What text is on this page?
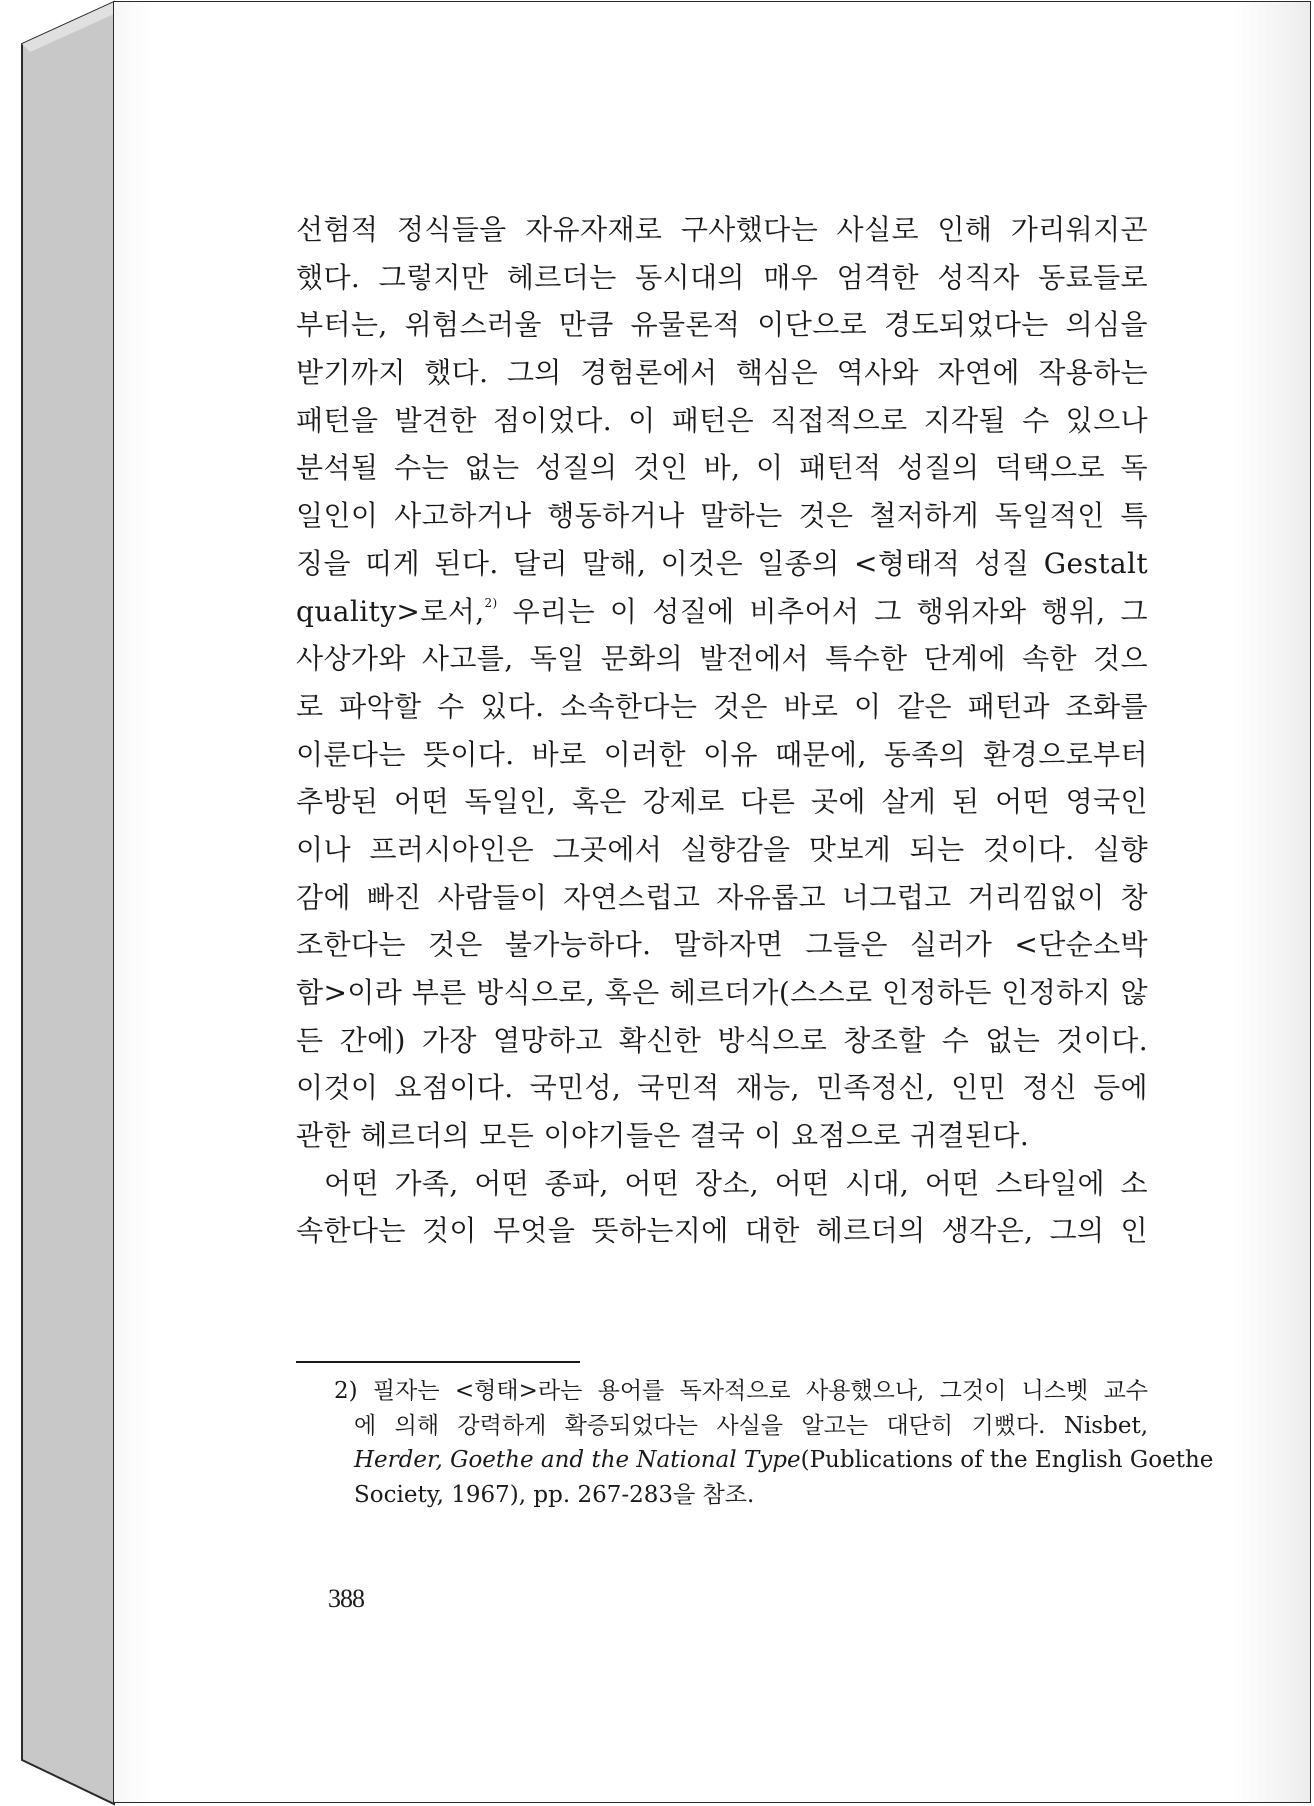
선험적 정식들을 자유자재로 구사했다는 사실로 인해 가리워지곤
했다. 그렇지만 헤르더는 동시대의 매우 엄격한 성직자 동료들로
부터는, 위험스러울 만큼 유물론적 이단으로 경도되었다는 의심을
받기까지 했다. 그의 경험론에서 핵심은 역사와 자연에 작용하는
패턴을 발견한 점이었다. 이 패턴은 직접적으로 지각될 수 있으나
분석될 수는 없는 성질의 것인 바, 이 패턴적 성질의 덕택으로 독
일인이 사고하거나 행동하거나 말하는 것은 철저하게 독일적인 특
징을 띠게 된다. 달리 말해, 이것은 일종의 <형태적 성질 Gestalt
quality>로서,$^{2)}$ 우리는 이 성질에 비추어서 그 행위자와 행위, 그
사상가와 사고를, 독일 문화의 발전에서 특수한 단계에 속한 것으
로 파악할 수 있다. 소속한다는 것은 바로 이 같은 패턴과 조화를
이룬다는 뜻이다. 바로 이러한 이유 때문에, 동족의 환경으로부터
추방된 어떤 독일인, 혹은 강제로 다른 곳에 살게 된 어떤 영국인
이나 프러시아인은 그곳에서 실향감을 맛보게 되는 것이다. 실향
감에 빠진 사람들이 자연스럽고 자유롭고 너그럽고 거리낌없이 창
조한다는 것은 불가능하다. 말하자면 그들은 실러가 <단순소박
함>이라 부른 방식으로, 혹은 헤르더가(스스로 인정하든 인정하지 않
든 간에) 가장 열망하고 확신한 방식으로 창조할 수 없는 것이다.
이것이 요점이다. 국민성, 국민적 재능, 민족정신, 인민 정신 등에
관한 헤르더의 모든 이야기들은 결국 이 요점으로 귀결된다.
어떤 가족, 어떤 종파, 어떤 장소, 어떤 시대, 어떤 스타일에 소
속한다는 것이 무엇을 뜻하는지에 대한 헤르더의 생각은, 그의 인
2) 필자는 <형태>라는 용어를 독자적으로 사용했으나, 그것이 니스벳 교수
에 의해 강력하게 확증되었다는 사실을 알고는 대단히 기뻤다. Nisbet,
Herder, Goethe and the National Type(Publications of the English Goethe
Society, 1967), pp. 267-283을 참조.
388
